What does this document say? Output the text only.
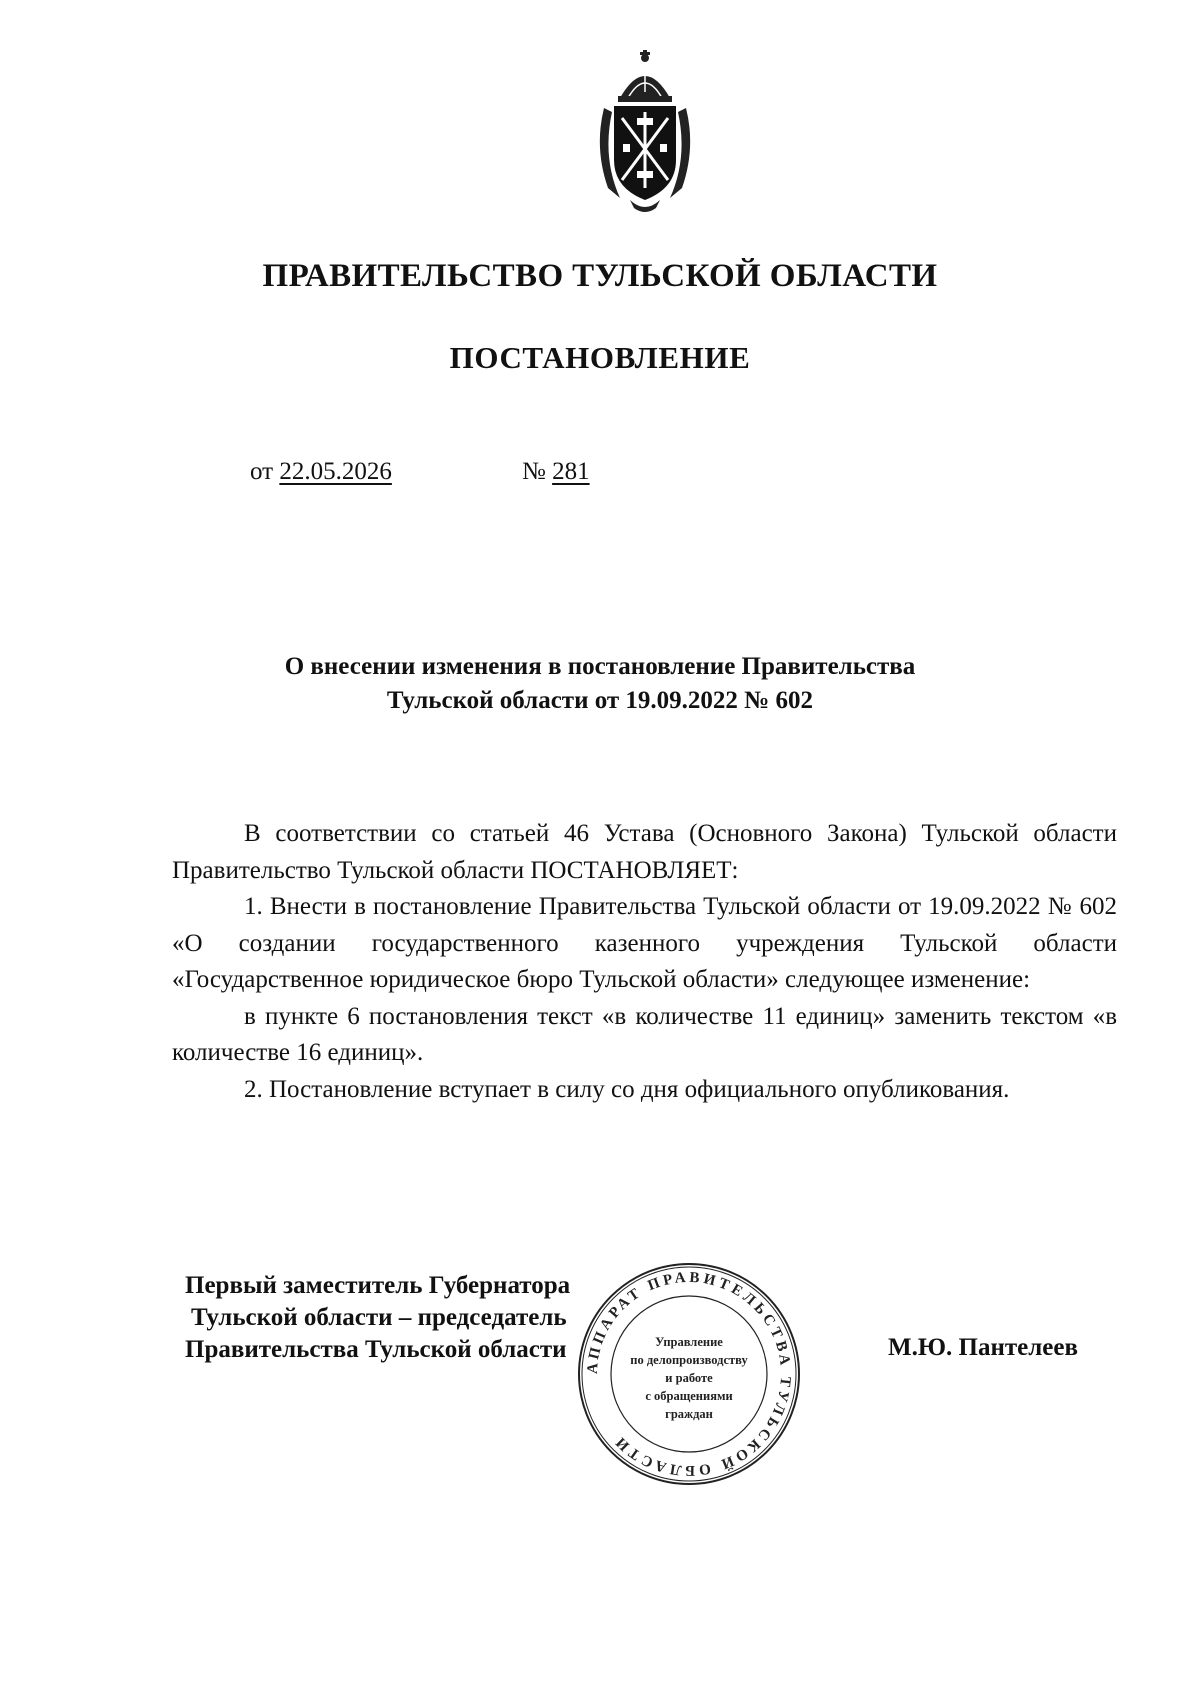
ПРАВИТЕЛЬСТВО ТУЛЬСКОЙ ОБЛАСТИ
ПОСТАНОВЛЕНИЕ
от 22.05.2026	№ 281
О внесении изменения в постановление Правительства
Тульской области от 19.09.2022 № 602

В соответствии со статьей 46 Устава (Основного Закона) Тульской области Правительство Тульской области ПОСТАНОВЛЯЕТ:

1. Внести в постановление Правительства Тульской области от 19.09.2022 № 602 «О создании государственного казенного учреждения Тульской области «Государственное юридическое бюро Тульской области» следующее изменение:

в пункте 6 постановления текст «в количестве 11 единиц» заменить текстом «в количестве 16 единиц».

2. Постановление вступает в силу со дня официального опубликования.

Первый заместитель Губернатора
Тульской области – председатель
Правительства Тульской области	М.Ю. Пантелеев
АППАРАТ ПРАВИТЕЛЬСТВА ТУЛЬСКОЙ ОБЛАСТИ
Управление
по делопроизводству
и работе
с обращениями
граждан
